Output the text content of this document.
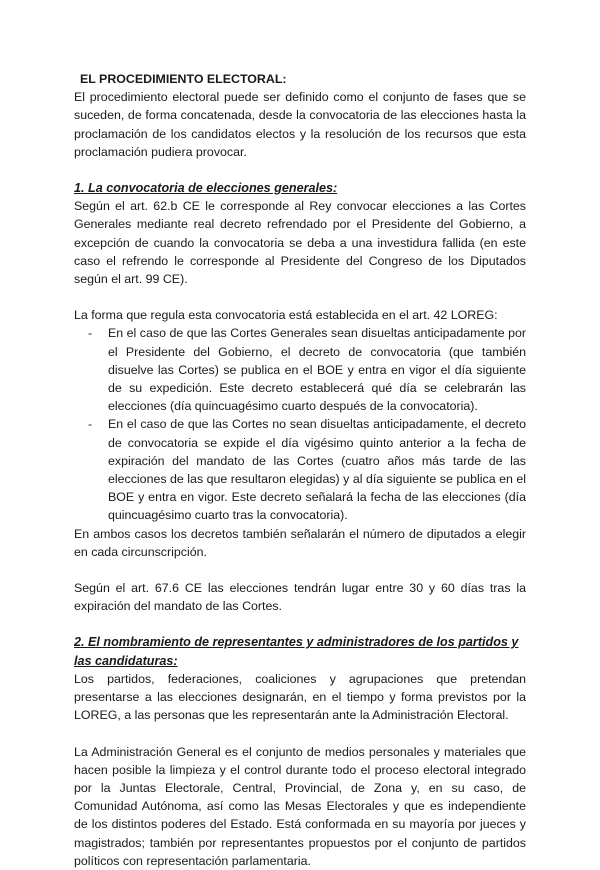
EL PROCEDIMIENTO ELECTORAL:

El procedimiento electoral puede ser definido como el conjunto de fases que se suceden, de forma concatenada, desde la convocatoria de las elecciones hasta la proclamación de los candidatos electos y la resolución de los recursos que esta proclamación pudiera provocar.

1. La convocatoria de elecciones generales:

Según el art. 62.b CE le corresponde al Rey convocar elecciones a las Cortes Generales mediante real decreto refrendado por el Presidente del Gobierno, a excepción de cuando la convocatoria se deba a una investidura fallida (en este caso el refrendo le corresponde al Presidente del Congreso de los Diputados según el art. 99 CE).

La forma que regula esta convocatoria está establecida en el art. 42 LOREG:

- En el caso de que las Cortes Generales sean disueltas anticipadamente por el Presidente del Gobierno, el decreto de convocatoria (que también disuelve las Cortes) se publica en el BOE y entra en vigor el día siguiente de su expedición. Este decreto establecerá qué día se celebrarán las elecciones (día quincuagésimo cuarto después de la convocatoria).
- En el caso de que las Cortes no sean disueltas anticipadamente, el decreto de convocatoria se expide el día vigésimo quinto anterior a la fecha de expiración del mandato de las Cortes (cuatro años más tarde de las elecciones de las que resultaron elegidas) y al día siguiente se publica en el BOE y entra en vigor. Este decreto señalará la fecha de las elecciones (día quincuagésimo cuarto tras la convocatoria).

En ambos casos los decretos también señalarán el número de diputados a elegir en cada circunscripción.

Según el art. 67.6 CE las elecciones tendrán lugar entre 30 y 60 días tras la expiración del mandato de las Cortes.

2. El nombramiento de representantes y administradores de los partidos y las candidaturas:

Los partidos, federaciones, coaliciones y agrupaciones que pretendan presentarse a las elecciones designarán, en el tiempo y forma previstos por la LOREG, a las personas que les representarán ante la Administración Electoral.

La Administración General es el conjunto de medios personales y materiales que hacen posible la limpieza y el control durante todo el proceso electoral integrado por la Juntas Electorale, Central, Provincial, de Zona y, en su caso, de Comunidad Autónoma, así como las Mesas Electorales y que es independiente de los distintos poderes del Estado. Está conformada en su mayoría por jueces y magistrados; también por representantes propuestos por el conjunto de partidos políticos con representación parlamentaria.
